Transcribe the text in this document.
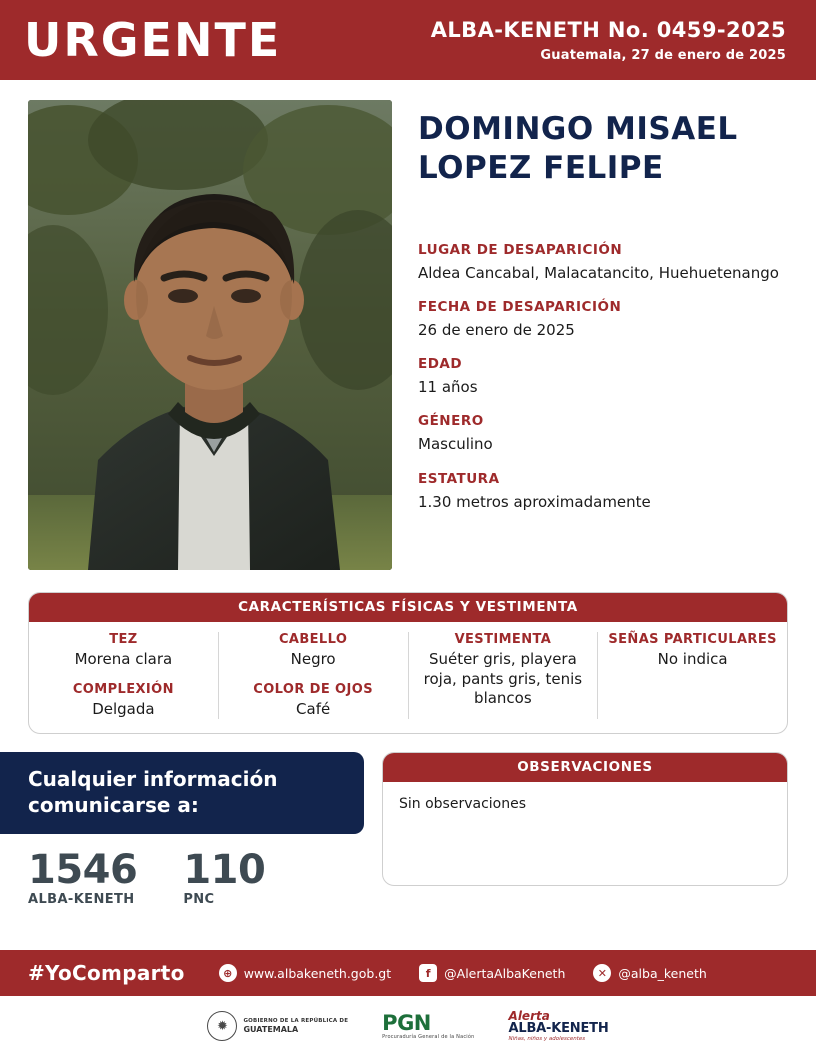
URGENTE	ALBA-KENETH No. 0459-2025
Guatemala, 27 de enero de 2025
DOMINGO MISAEL
LOPEZ FELIPE
LUGAR DE DESAPARICIÓN
Aldea Cancabal, Malacatancito, Huehuetenango
FECHA DE DESAPARICIÓN
26 de enero de 2025
EDAD
11 años
GÉNERO
Masculino
ESTATURA
1.30 metros aproximadamente
CARACTERÍSTICAS FÍSICAS Y VESTIMENTA
TEZ
Morena clara
COMPLEXIÓN
Delgada
CABELLO
Negro
COLOR DE OJOS
Café
VESTIMENTA
Suéter gris, playera roja, pants gris, tenis blancos
SEÑAS PARTICULARES
No indica
Cualquier información
comunicarse a:
1546
ALBA-KENETH
110
PNC
OBSERVACIONES
Sin observaciones
#YoComparto	⊕ www.albakeneth.gob.gt	f	@AlertaAlbaKeneth	✕ @alba_keneth
✹	GOBIERNO DE LA REPÚBLICA DE
GUATEMALA	PGN
Procuraduría General de la Nación
Alerta
ALBA-KENETH
Niñas, niños y adolescentes
